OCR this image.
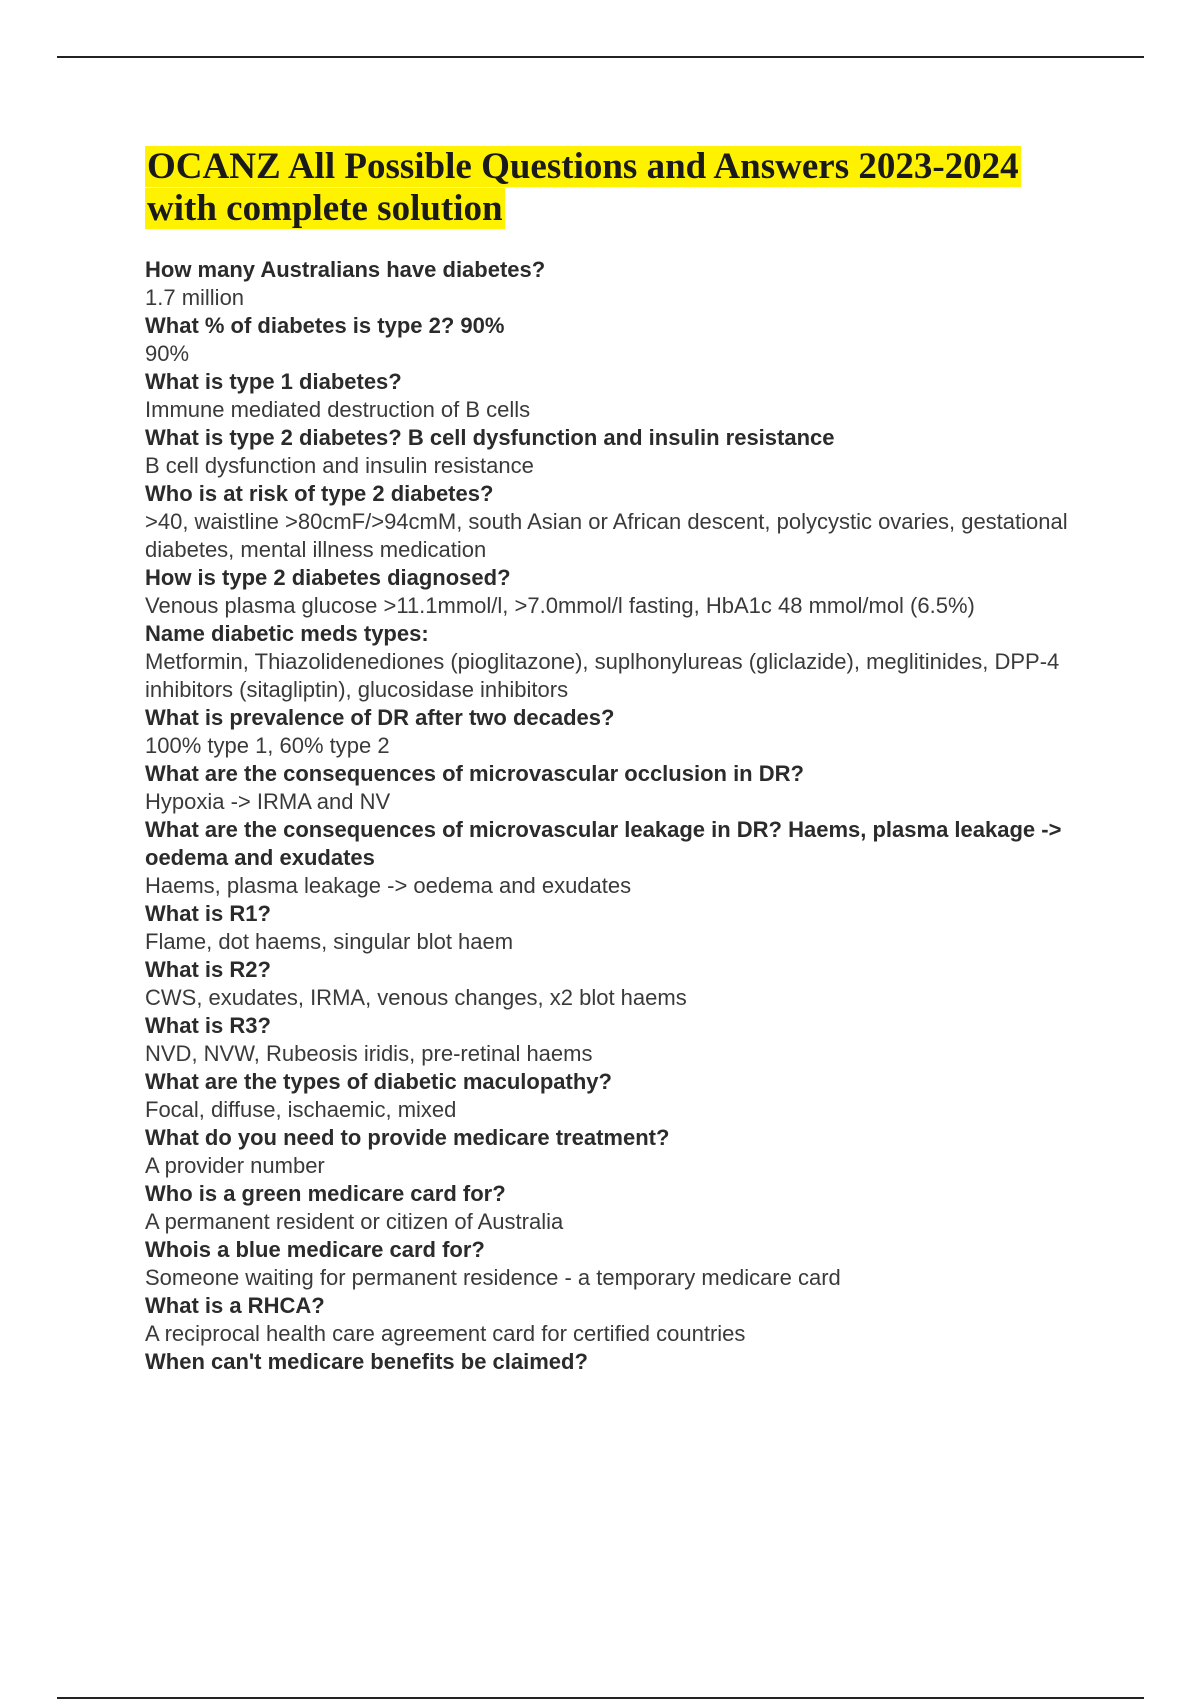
OCANZ All Possible Questions and Answers 2023-2024 with complete solution
How many Australians have diabetes?
1.7 million
What % of diabetes is type 2? 90%
90%
What is type 1 diabetes?
Immune mediated destruction of B cells
What is type 2 diabetes? B cell dysfunction and insulin resistance
B cell dysfunction and insulin resistance
Who is at risk of type 2 diabetes?
>40, waistline >80cmF/>94cmM, south Asian or African descent, polycystic ovaries, gestational diabetes, mental illness medication
How is type 2 diabetes diagnosed?
Venous plasma glucose >11.1mmol/l, >7.0mmol/l fasting, HbA1c 48 mmol/mol (6.5%)
Name diabetic meds types:
Metformin, Thiazolidenediones (pioglitazone), suplhonylureas (gliclazide), meglitinides, DPP-4 inhibitors (sitagliptin), glucosidase inhibitors
What is prevalence of DR after two decades?
100% type 1, 60% type 2
What are the consequences of microvascular occlusion in DR?
Hypoxia -> IRMA and NV
What are the consequences of microvascular leakage in DR? Haems, plasma leakage -> oedema and exudates
Haems, plasma leakage -> oedema and exudates
What is R1?
Flame, dot haems, singular blot haem
What is R2?
CWS, exudates, IRMA, venous changes, x2 blot haems
What is R3?
NVD, NVW, Rubeosis iridis, pre-retinal haems
What are the types of diabetic maculopathy?
Focal, diffuse, ischaemic, mixed
What do you need to provide medicare treatment?
A provider number
Who is a green medicare card for?
A permanent resident or citizen of Australia
Whois a blue medicare card for?
Someone waiting for permanent residence - a temporary medicare card
What is a RHCA?
A reciprocal health care agreement card for certified countries
When can't medicare benefits be claimed?
